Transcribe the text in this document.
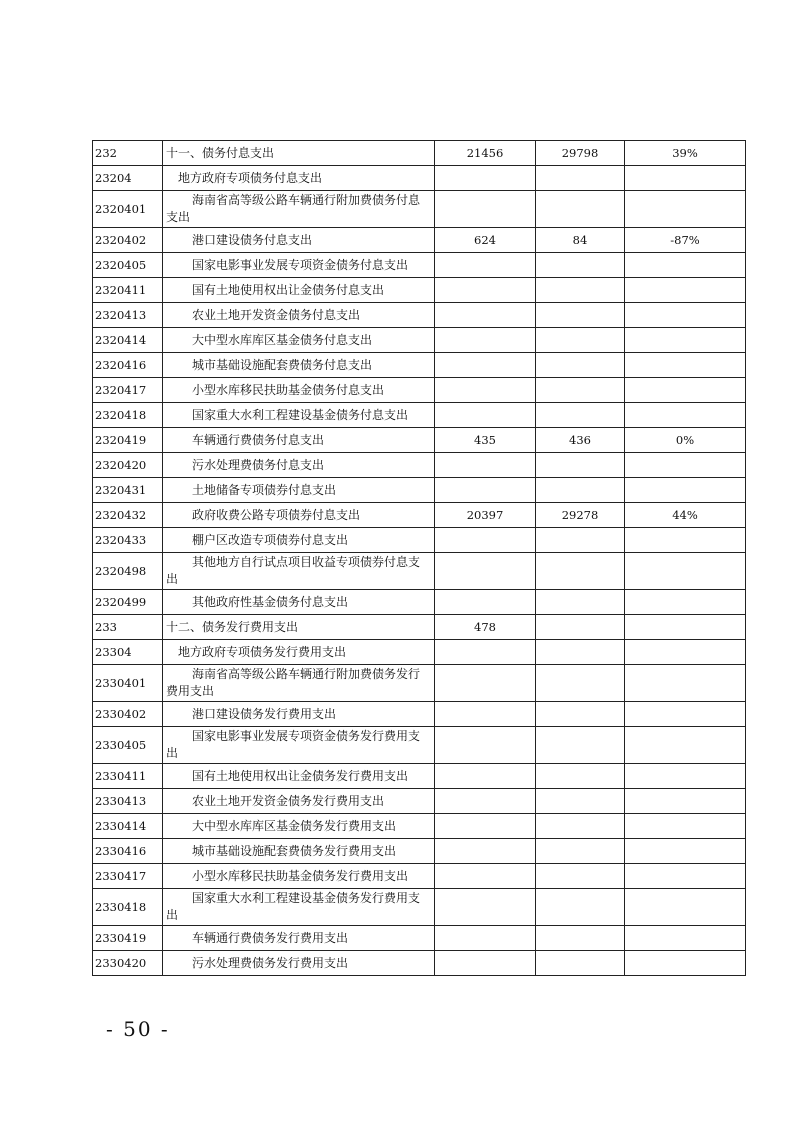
232	十一、债务付息支出	21456	29798	39%
23204	地方政府专项债务付息支出			

2320401	海南省高等级公路车辆通行附加费债务付息支出			

2320402	港口建设债务付息支出	624	84	-87%
2320405	国家电影事业发展专项资金债务付息支出			

2320411	国有土地使用权出让金债务付息支出			

2320413	农业土地开发资金债务付息支出			

2320414	大中型水库库区基金债务付息支出			

2320416	城市基础设施配套费债务付息支出			

2320417	小型水库移民扶助基金债务付息支出			

2320418	国家重大水利工程建设基金债务付息支出			

2320419	车辆通行费债务付息支出	435	436	0%
2320420	污水处理费债务付息支出			

2320431	土地储备专项债券付息支出			

2320432	政府收费公路专项债券付息支出	20397	29278	44%
2320433	棚户区改造专项债券付息支出			

2320498	其他地方自行试点项目收益专项债券付息支出			

2320499	其他政府性基金债务付息支出			

233	十二、债务发行费用支出	478		
23304	地方政府专项债务发行费用支出			

2330401	海南省高等级公路车辆通行附加费债务发行费用支出			

2330402	港口建设债务发行费用支出			

2330405	国家电影事业发展专项资金债务发行费用支出			

2330411	国有土地使用权出让金债务发行费用支出			

2330413	农业土地开发资金债务发行费用支出			

2330414	大中型水库库区基金债务发行费用支出			

2330416	城市基础设施配套费债务发行费用支出			

2330417	小型水库移民扶助基金债务发行费用支出			

2330418	国家重大水利工程建设基金债务发行费用支出			

2330419	车辆通行费债务发行费用支出			

2330420	污水处理费债务发行费用支出			

- 50 -
